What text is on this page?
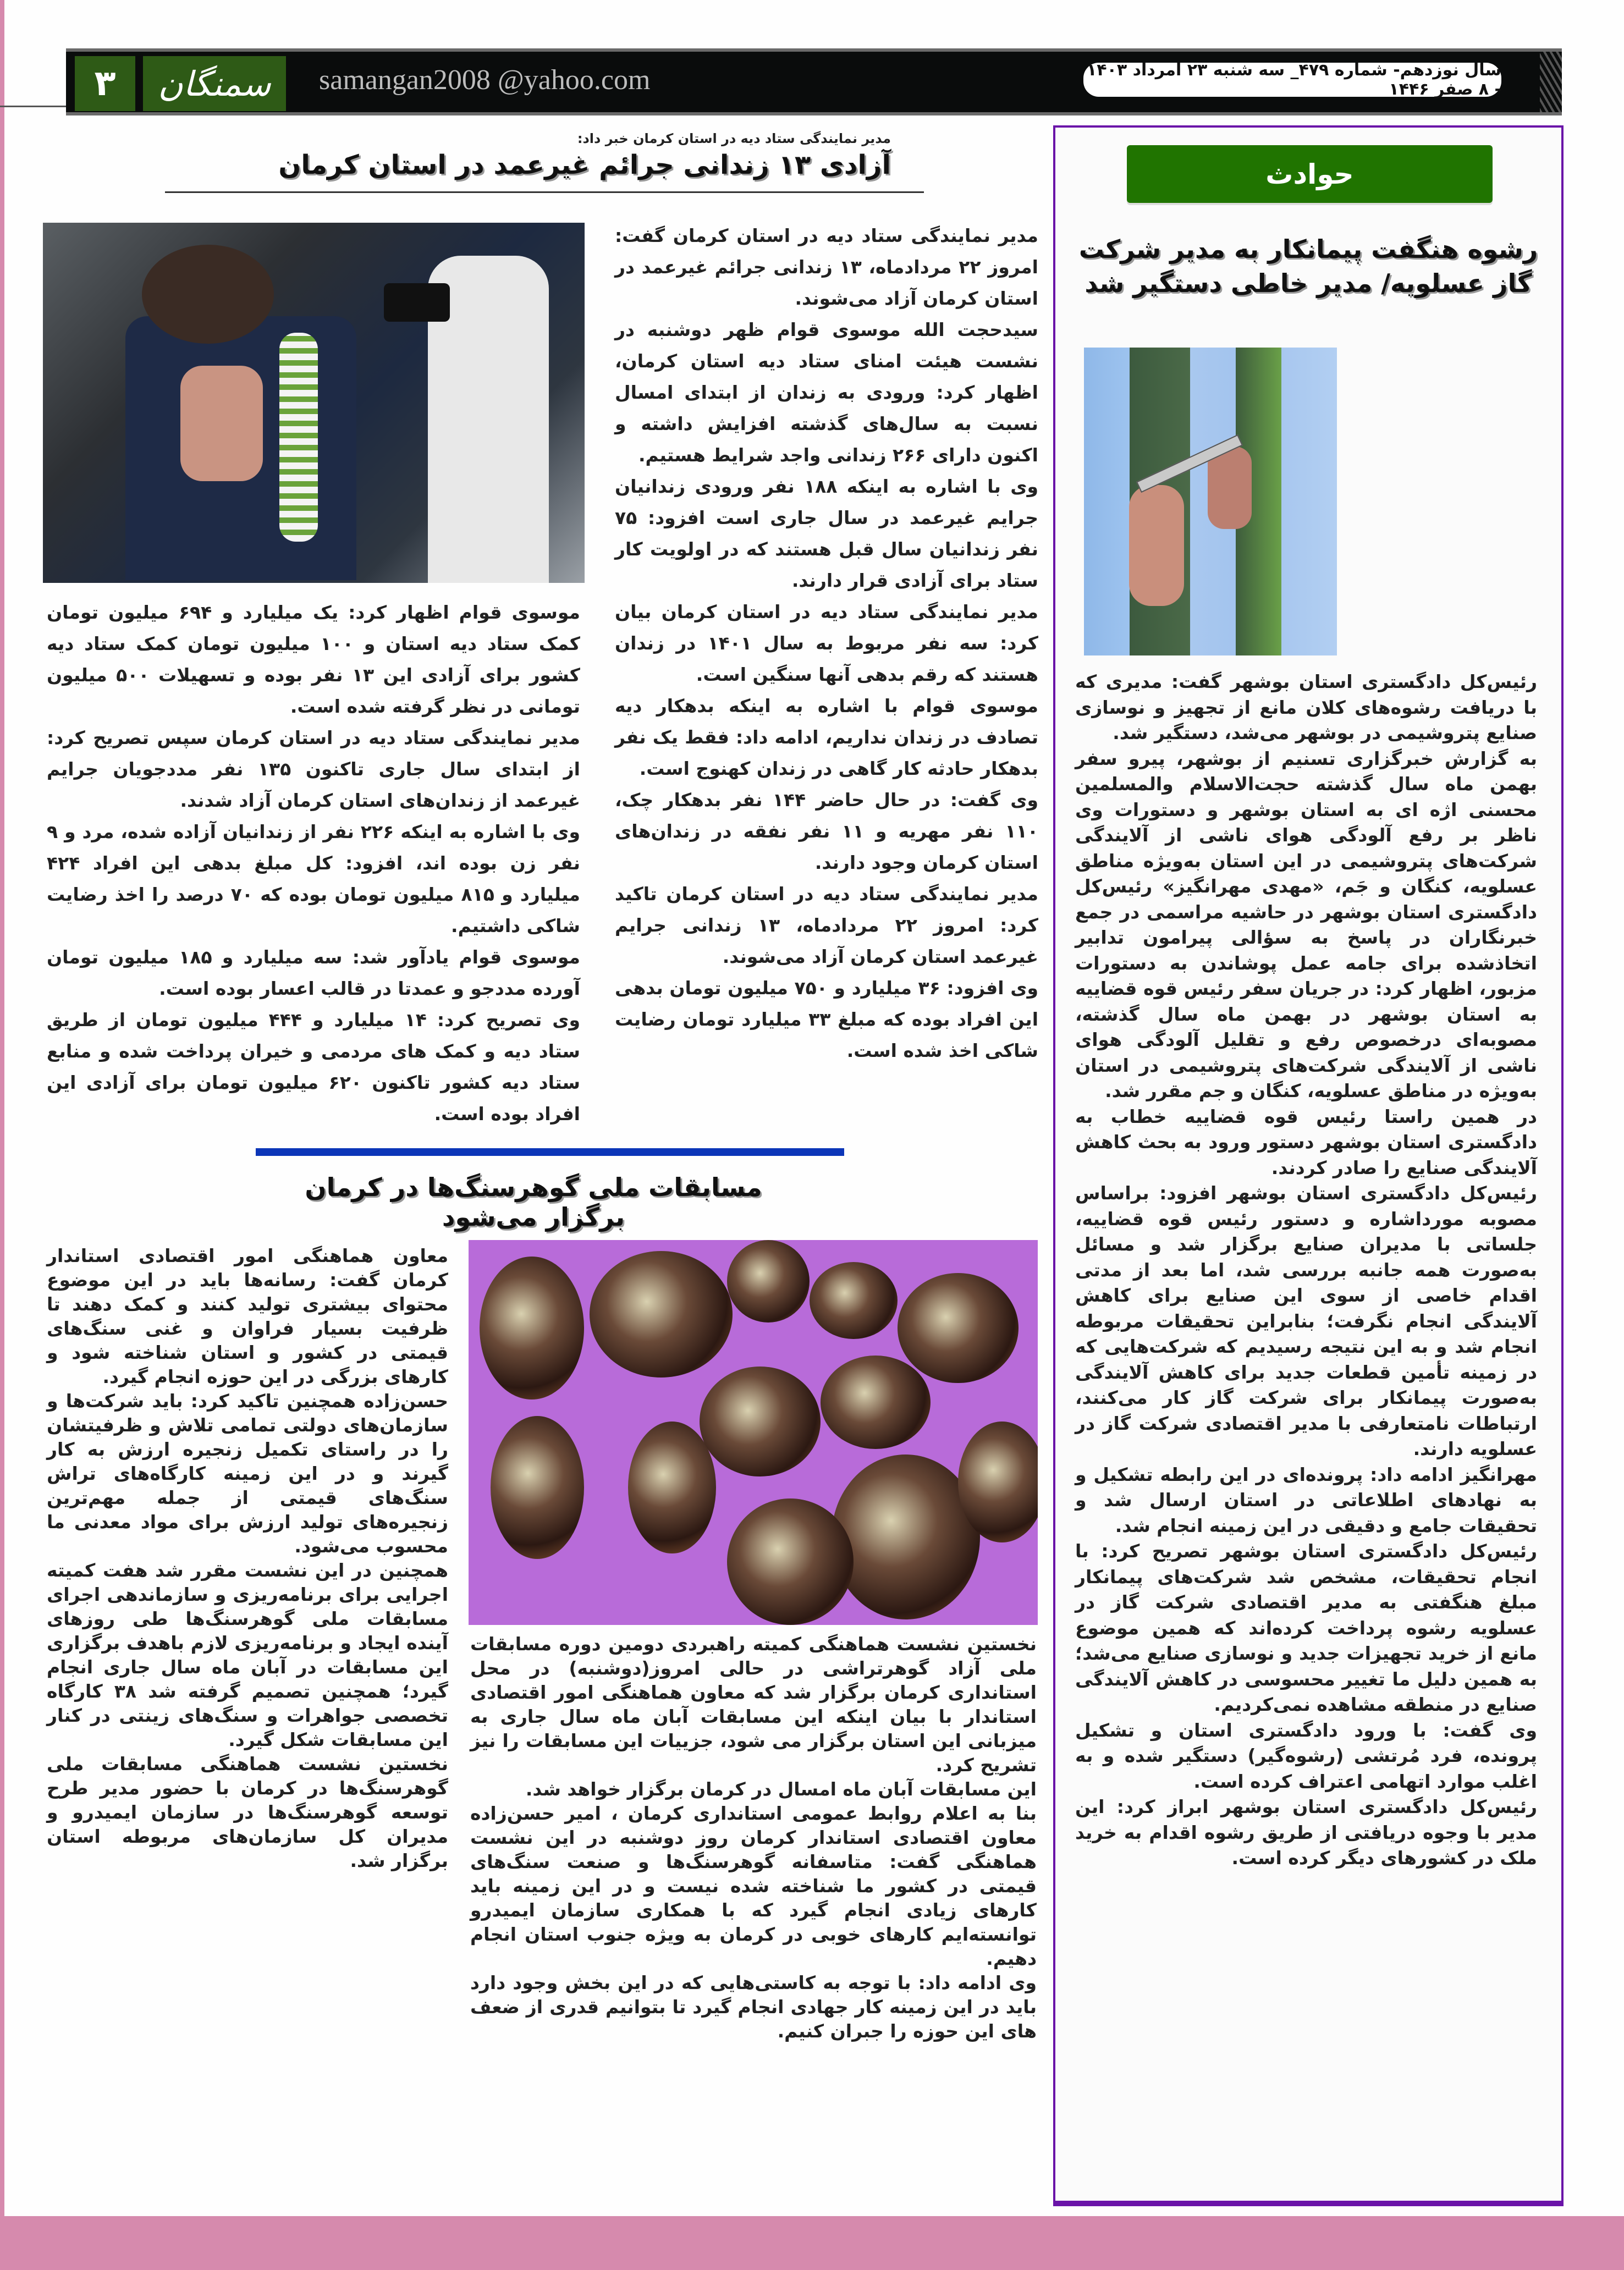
۳	سمنگان	samangan2008 @yahoo.com	سال نوزدهم- شماره ۴۷۹_ سه شنبه ۲۳ امرداد ۱۴۰۳ - ۸ صفر ۱۴۴۶
مدیر نمایندگی ستاد دیه در استان کرمان خبر داد:
آزادی ۱۳ زندانی جرائم غیرعمد در استان کرمان

مدیر نمایندگی ستاد دیه در استان کرمان گفت: امروز ۲۲ مردادماه، ۱۳ زندانی جرائم غیرعمد در استان کرمان آزاد می‌شوند.

سیدحجت الله موسوی قوام ظهر دوشنبه در نشست هیئت امنای ستاد دیه استان کرمان، اظهار کرد: ورودی به زندان از ابتدای امسال نسبت به سال‌های گذشته افزایش داشته و اکنون دارای ۲۶۶ زندانی واجد شرایط هستیم.

وی با اشاره به اینکه ۱۸۸ نفر ورودی زندانیان جرایم غیرعمد در سال جاری است افزود: ۷۵ نفر زندانیان سال قبل هستند که در اولویت کار ستاد برای آزادی قرار دارند.

مدیر نمایندگی ستاد دیه در استان کرمان بیان کرد: سه نفر مربوط به سال ۱۴۰۱ در زندان هستند که رقم بدهی آنها سنگین است.

موسوی قوام با اشاره به اینکه بدهکار دیه تصادف در زندان نداریم، ادامه داد: فقط یک نفر بدهکار حادثه کار گاهی در زندان کهنوج است.

وی گفت: در حال حاضر ۱۴۴ نفر بدهکار چک، ۱۱۰ نفر مهریه و ۱۱ نفر نفقه در زندان‌های استان کرمان وجود دارند.

مدیر نمایندگی ستاد دیه در استان کرمان تاکید کرد: امروز ۲۲ مردادماه، ۱۳ زندانی جرایم غیرعمد استان کرمان آزاد می‌شوند.

وی افزود: ۳۶ میلیارد و ۷۵۰ میلیون تومان بدهی این افراد بوده که مبلغ ۳۳ میلیارد تومان رضایت شاکی اخذ شده است.

موسوی قوام اظهار کرد: یک میلیارد و ۶۹۴ میلیون تومان کمک ستاد دیه استان و ۱۰۰ میلیون تومان کمک ستاد دیه کشور برای آزادی این ۱۳ نفر بوده و تسهیلات ۵۰۰ میلیون تومانی در نظر گرفته شده است.

مدیر نمایندگی ستاد دیه در استان کرمان سپس تصریح کرد: از ابتدای سال جاری تاکنون ۱۳۵ نفر مددجویان جرایم غیرعمد از زندان‌های استان کرمان آزاد شدند.

وی با اشاره به اینکه ۲۲۶ نفر از زندانیان آزاده شده، مرد و ۹ نفر زن بوده اند، افزود: کل مبلغ بدهی این افراد ۴۲۴ میلیارد و ۸۱۵ میلیون تومان بوده که ۷۰ درصد را اخذ رضایت شاکی داشتیم.

موسوی قوام یادآور شد: سه میلیارد و ۱۸۵ میلیون تومان آورده مددجو و عمدتا در قالب اعسار بوده است.

وی تصریح کرد: ۱۴ میلیارد و ۴۴۴ میلیون تومان از طریق ستاد دیه و کمک های مردمی و خیران پرداخت شده و منابع ستاد دیه کشور تاکنون ۶۲۰ میلیون تومان برای آزادی این افراد بوده است.

مسابقات ملی گوهرسنگ‌ها در کرمان برگزار می‌شود

نخستین نشست هماهنگی کمیته راهبردی دومین دوره مسابقات ملی آزاد گوهرتراشی در حالی امروز(دوشنبه) در محل استانداری کرمان برگزار شد که معاون هماهنگی امور اقتصادی استاندار با بیان اینکه این مسابقات آبان ماه سال جاری به میزبانی این استان برگزار می شود، جزییات این مسابقات را نیز تشریح کرد.

این مسابقات آبان ماه امسال در کرمان برگزار خواهد شد.

بنا به اعلام روابط عمومی استانداری کرمان ، امیر حسن‌زاده معاون اقتصادی استاندار کرمان روز دوشنبه در این نشست هماهنگی گفت: متاسفانه گوهرسنگ‌ها و صنعت سنگ‌های قیمتی در کشور ما شناخته شده نیست و در این زمینه باید کارهای زیادی انجام گیرد که با همکاری سازمان ایمیدرو توانسته‌ایم کارهای خوبی در کرمان به ویژه جنوب استان انجام دهیم.

وی ادامه داد: با توجه به کاستی‌هایی که در این بخش وجود دارد باید در این زمینه کار جهادی انجام گیرد تا بتوانیم قدری از ضعف های این حوزه را جبران کنیم.

معاون هماهنگی امور اقتصادی استاندار کرمان گفت: رسانه‌ها باید در این موضوع محتوای بیشتری تولید کنند و کمک دهند تا ظرفیت بسیار فراوان و غنی سنگ‌های قیمتی در کشور و استان شناخته شود و کارهای بزرگی در این حوزه انجام گیرد.

حسن‌زاده همچنین تاکید کرد: باید شرکت‌ها و سازمان‌های دولتی تمامی تلاش و ظرفیتشان را در راستای تکمیل زنجیره ارزش به کار گیرند و در این زمینه کارگاه‌های تراش سنگ‌های قیمتی از جمله مهم‌ترین زنجیره‌های تولید ارزش برای مواد معدنی ما محسوب می‌شود.

همچنین در این نشست مقرر شد هفت کمیته اجرایی برای برنامه‌ریزی و سازماندهی اجرای مسابقات ملی گوهرسنگ‌ها طی روزهای آینده ایجاد و برنامه‌ریزی لازم باهدف برگزاری این مسابقات در آبان ماه سال جاری انجام گیرد؛ همچنین تصمیم گرفته شد ۳۸ کارگاه تخصصی جواهرات و سنگ‌های زینتی در کنار این مسابقات شکل گیرد.

نخستین نشست هماهنگی مسابقات ملی گوهرسنگ‌ها در کرمان با حضور مدیر طرح توسعه گوهرسنگ‌ها در سازمان ایمیدرو و مدیران کل سازمان‌های مربوطه استان برگزار شد.

حوادث
رشوه هنگفت پیمانکار به مدیر شرکت گاز عسلویه/ مدیر خاطی دستگیر شد

رئیس‌کل دادگستری استان بوشهر گفت: مدیری که با دریافت رشوه‌های کلان مانع از تجهیز و نوسازی صنایع پتروشیمی در بوشهر می‌شد، دستگیر شد.

به گزارش خبرگزاری تسنیم از بوشهر، پیرو سفر بهمن ماه سال گذشته حجت‌الاسلام والمسلمین محسنی اژه ای به استان بوشهر و دستورات وی ناظر بر رفع آلودگی هوای ناشی از آلایندگی شرکت‌های پتروشیمی در این استان به‌ویژه مناطق عسلویه، کنگان و جَم، «مهدی مهرانگیز» رئیس‌کل دادگستری استان بوشهر در حاشیه مراسمی در جمع خبرنگاران در پاسخ به سؤالی پیرامون تدابیر اتخاذشده برای جامه عمل پوشاندن به دستورات مزبور، اظهار کرد: در جریان سفر رئیس قوه قضاییه به استان بوشهر در بهمن ماه سال گذشته، مصوبه‌ای درخصوص رفع و تقلیل آلودگی هوای ناشی از آلایندگی شرکت‌های پتروشیمی در استان به‌ویژه در مناطق عسلویه، کنگان و جم مقرر شد.

در همین راستا رئیس قوه قضاییه خطاب به دادگستری استان بوشهر دستور ورود به بحث کاهش آلایندگی صنایع را صادر کردند.

رئیس‌کل دادگستری استان بوشهر افزود: براساس مصوبه مورداشاره و دستور رئیس قوه قضاییه، جلساتی با مدیران صنایع برگزار شد و مسائل به‌صورت همه جانبه بررسی شد، اما بعد از مدتی اقدام خاصی از سوی این صنایع برای کاهش آلایندگی انجام نگرفت؛ بنابراین تحقیقات مربوطه انجام شد و به این نتیجه رسیدیم که شرکت‌هایی که در زمینه تأمین قطعات جدید برای کاهش آلایندگی به‌صورت پیمانکار برای شرکت گاز کار می‌کنند، ارتباطات نامتعارفی با مدیر اقتصادی شرکت گاز در عسلویه دارند.

مهرانگیز ادامه داد: پرونده‌ای در این رابطه تشکیل و به نهادهای اطلاعاتی در استان ارسال شد و تحقیقات جامع و دقیقی در این زمینه انجام شد.

رئیس‌کل دادگستری استان بوشهر تصریح کرد: با انجام تحقیقات، مشخص شد شرکت‌های پیمانکار مبلغ هنگفتی به مدیر اقتصادی شرکت گاز در عسلویه رشوه پرداخت کرده‌اند که همین موضوع مانع از خرید تجهیزات جدید و نوسازی صنایع می‌شد؛ به همین دلیل ما تغییر محسوسی در کاهش آلایندگی صنایع در منطقه مشاهده نمی‌کردیم.

وی گفت: با ورود دادگستری استان و تشکیل پرونده، فرد مُرتشی (رشوه‌گیر) دستگیر شده و به اغلب موارد اتهامی اعتراف کرده است.

رئیس‌کل دادگستری استان بوشهر ابراز کرد: این مدیر با وجوه دریافتی از طریق رشوه اقدام به خرید ملک در کشورهای دیگر کرده است.
